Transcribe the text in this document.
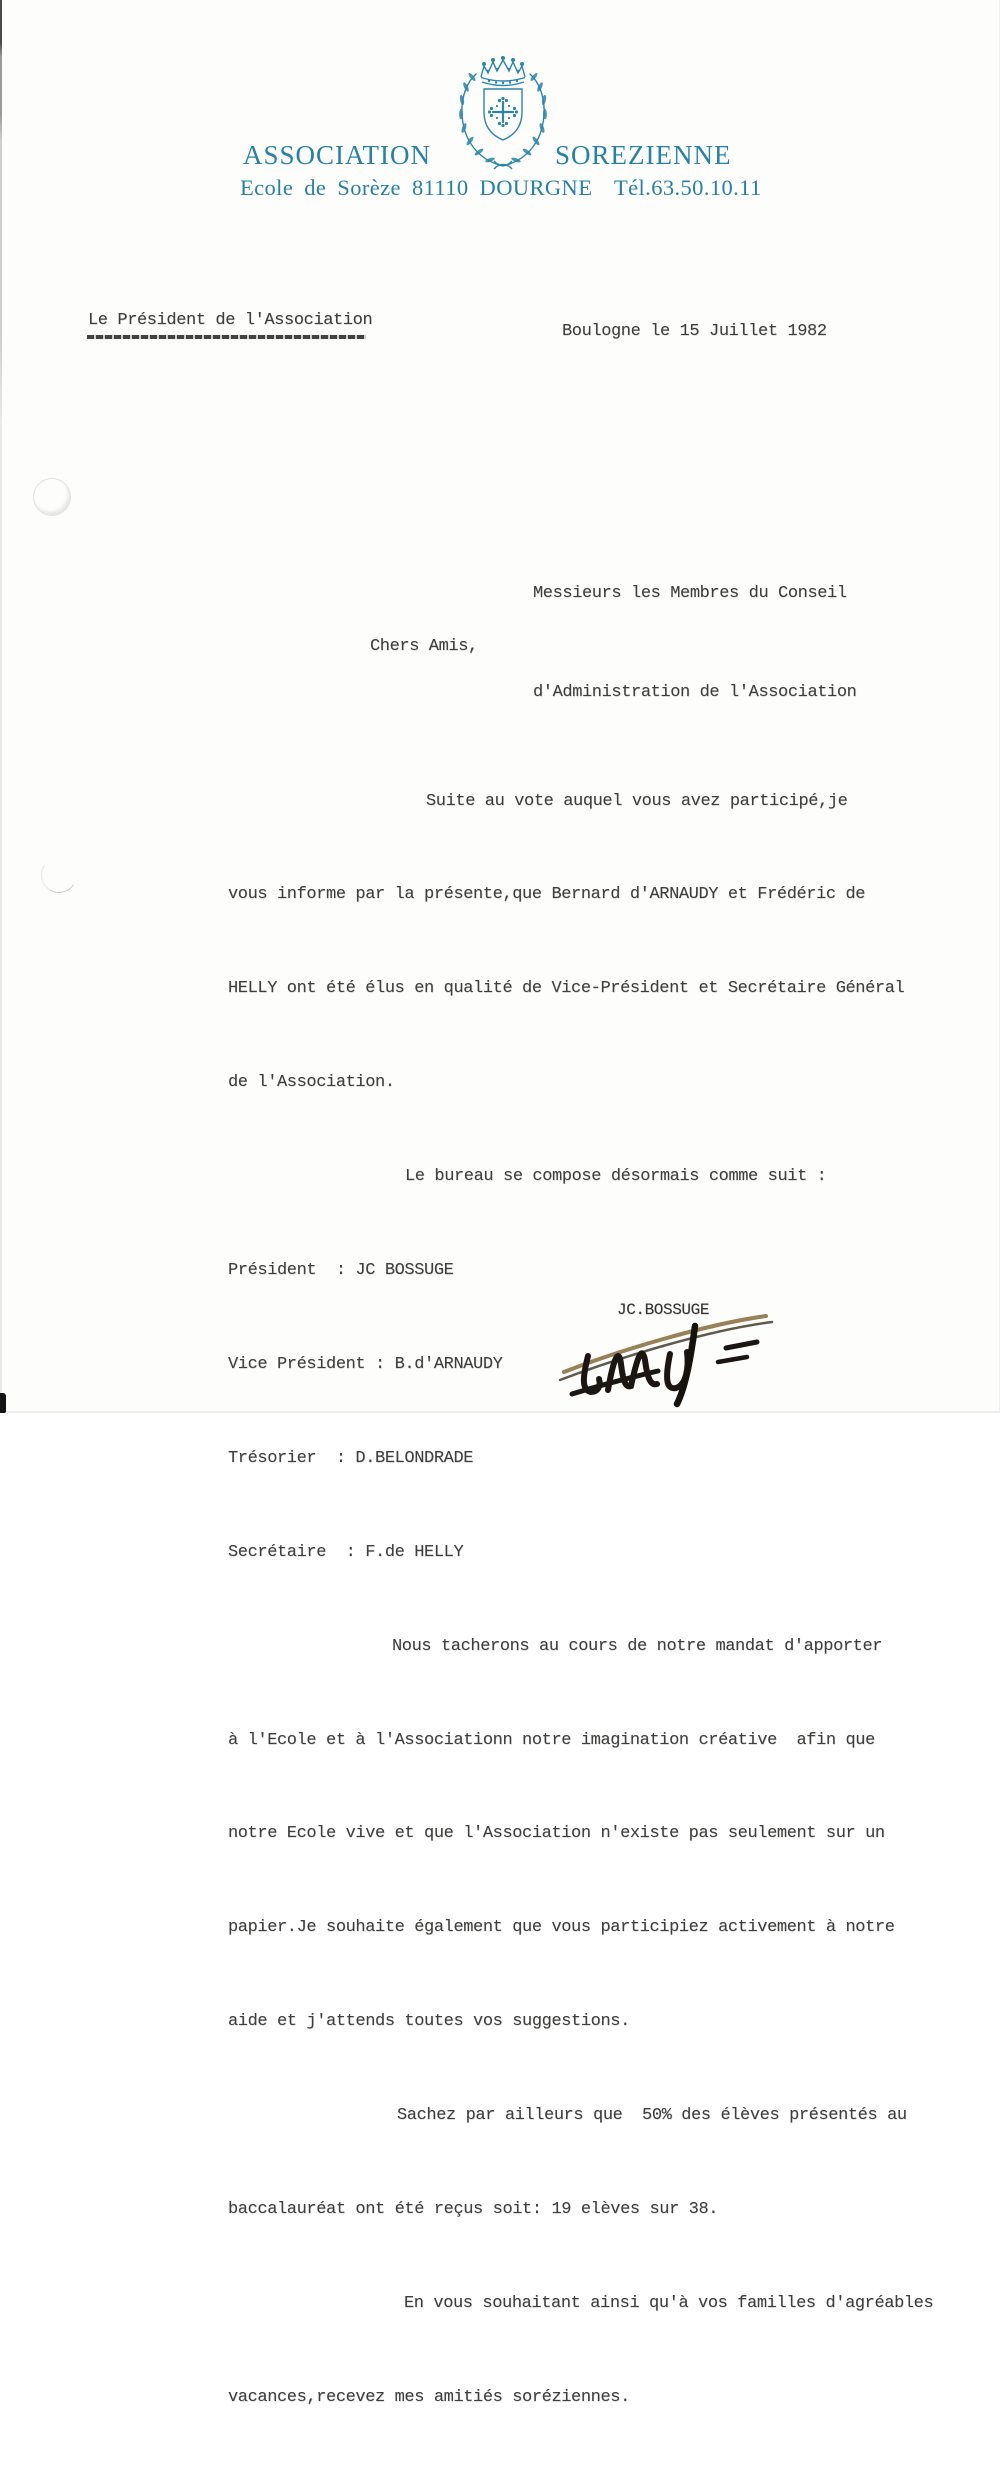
ASSOCIATION	SOREZIENNE
Ecole de Sorèze 81110 DOURGNE  Tél.63.50.10.11
Le Président de l'Association
Boulogne le 15 Juillet 1982

Messieurs les Membres du Conseil

d'Administration de l'Association

Chers Amis,

Suite au vote auquel vous avez participé,je

vous informe par la présente,que Bernard d'ARNAUDY et Frédéric de

HELLY ont été élus en qualité de Vice-Président et Secrétaire Général

de l'Association.

Le bureau se compose désormais comme suit :

Président  : JC BOSSUGE

Vice Président : B.d'ARNAUDY

Trésorier  : D.BELONDRADE

Secrétaire  : F.de HELLY

Nous tacherons au cours de notre mandat d'apporter

à l'Ecole et à l'Associationn notre imagination créative  afin que

notre Ecole vive et que l'Association n'existe pas seulement sur un

papier.Je souhaite également que vous participiez activement à notre

aide et j'attends toutes vos suggestions.

Sachez par ailleurs que  50% des élèves présentés au

baccalauréat ont été reçus soit: 19 elèves sur 38.

En vous souhaitant ainsi qu'à vos familles d'agréables

vacances,recevez mes amitiés soréziennes.

JC.BOSSUGE
